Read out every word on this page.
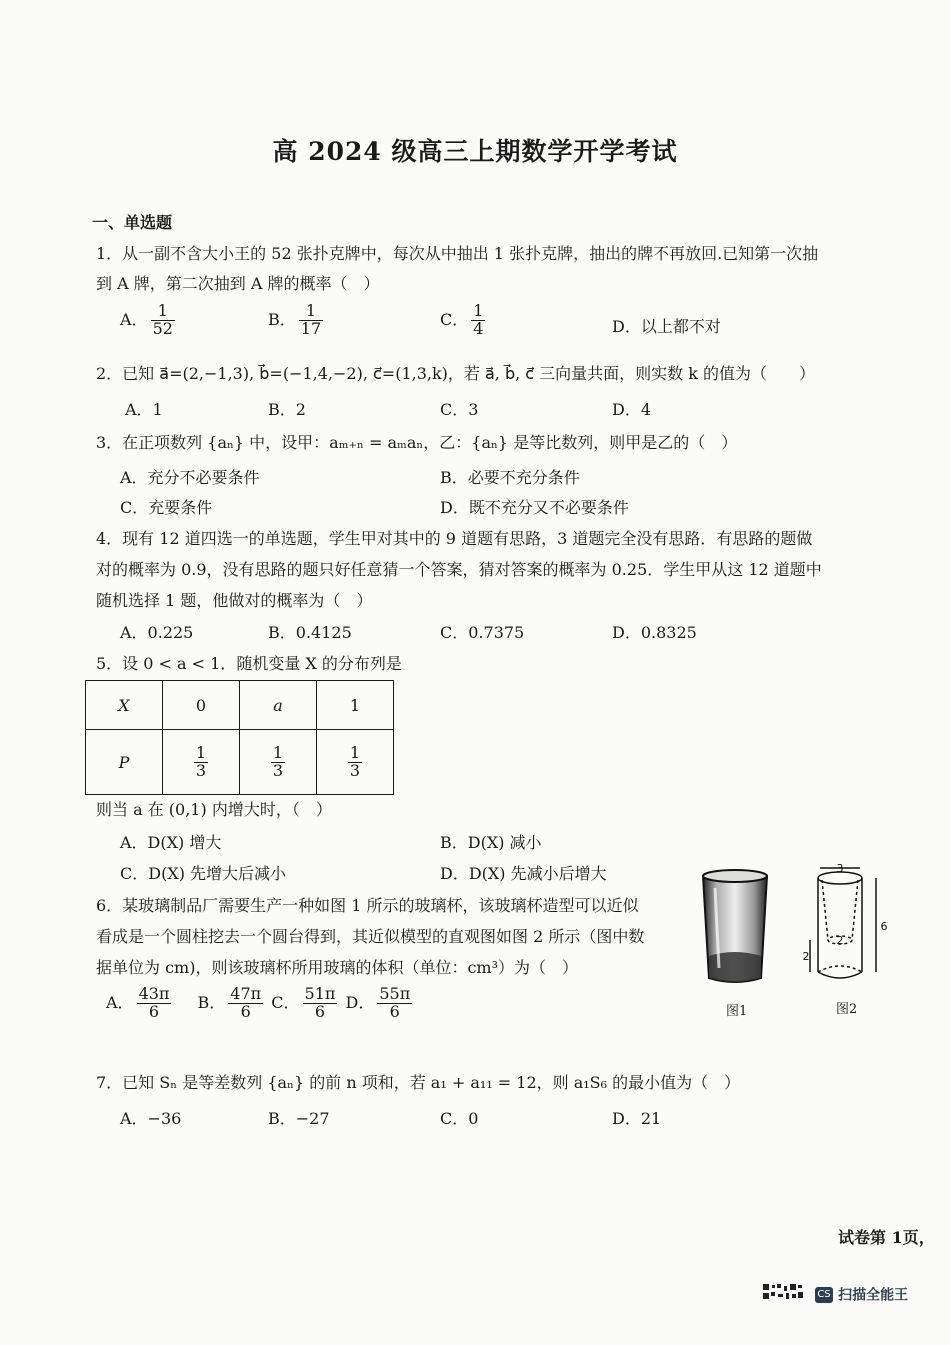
高 2024 级高三上期数学开学考试
一、单选题
1．从一副不含大小王的 52 张扑克牌中，每次从中抽出 1 张扑克牌，抽出的牌不再放回.已知第一次抽
到 A 牌，第二次抽到 A 牌的概率（　）
A． $\frac{1}{52}$	B． $\frac{1}{17}$	C． $\frac{1}{4}$	D．以上都不对
2．已知 a⃗=(2,−1,3), b⃗=(−1,4,−2), c⃗=(1,3,k)，若 a⃗, b⃗, c⃗ 三向量共面，则实数 k 的值为（　　）
A．1	B．2	C．3	D．4
3．在正项数列 {aₙ} 中，设甲：aₘ₊ₙ = aₘaₙ，乙：{aₙ} 是等比数列，则甲是乙的（　）
A．充分不必要条件	B．必要不充分条件
C．充要条件	D．既不充分又不必要条件
4．现有 12 道四选一的单选题，学生甲对其中的 9 道题有思路，3 道题完全没有思路．有思路的题做
对的概率为 0.9，没有思路的题只好任意猜一个答案，猜对答案的概率为 0.25．学生甲从这 12 道题中
随机选择 1 题，他做对的概率为（　）
A．0.225	B．0.4125	C．0.7375	D．0.8325
5．设 0 < a < 1．随机变量 X 的分布列是
X	0	a	1
P	$\frac{1}{3}$	$\frac{1}{3}$	$\frac{1}{3}$
则当 a 在 (0,1) 内增大时，（　）
A．D(X) 增大	B．D(X) 减小
C．D(X) 先增大后减小	D．D(X) 先减小后增大
6．某玻璃制品厂需要生产一种如图 1 所示的玻璃杯，该玻璃杯造型可以近似
看成是一个圆柱挖去一个圆台得到，其近似模型的直观图如图 2 所示（图中数
据单位为 cm)，则该玻璃杯所用玻璃的体积（单位：cm³）为（　）
A． $\frac{43\pi}{6}$ B． $\frac{47\pi}{6}$ C． $\frac{51\pi}{6}$ D． $\frac{55\pi}{6}$	图1
3
6
2
2
图2
7．已知 Sₙ 是等差数列 {aₙ} 的前 n 项和，若 a₁ + a₁₁ = 12，则 a₁S₆ 的最小值为（　）
A．−36	B．−27	C．0	D．21
试卷第 1页，
CS 扫描全能王
